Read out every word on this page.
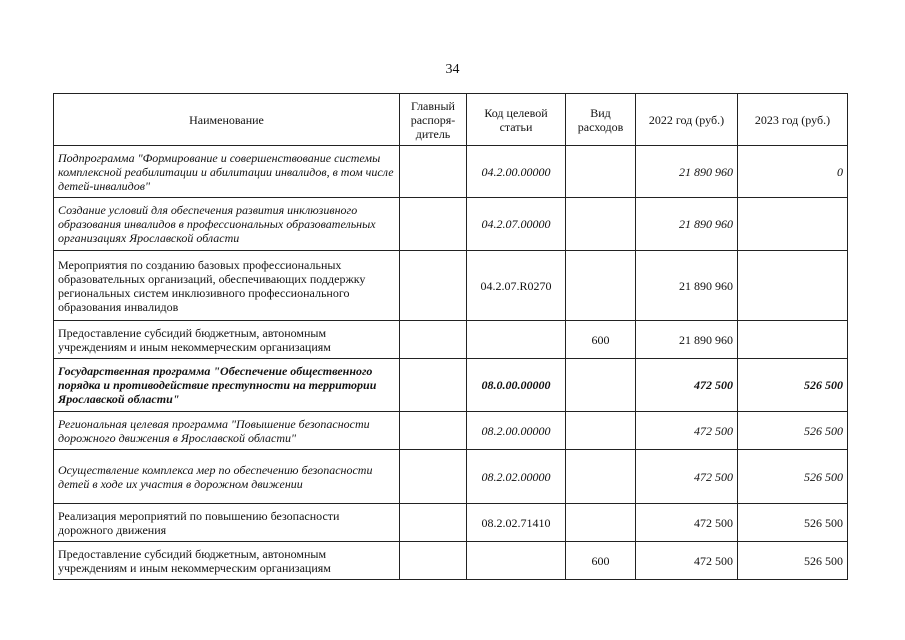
34
Наименование	Главный распоря-дитель	Код целевой статьи	Вид расходов	2022 год (руб.)	2023 год (руб.)
Подпрограмма "Формирование и совершенствование системы комплексной реабилитации и абилитации инвалидов, в том числе детей-инвалидов"		04.2.00.00000		21 890 960	0
Создание условий для обеспечения развития инклюзивного образования инвалидов в профессиональных образовательных организациях Ярославской области		04.2.07.00000		21 890 960	
Мероприятия по созданию базовых профессиональных образовательных организаций, обеспечивающих поддержку региональных систем инклюзивного профессионального образования инвалидов		04.2.07.R0270		21 890 960	
Предоставление субсидий бюджетным, автономным учреждениям и иным некоммерческим организациям			600	21 890 960	
Государственная программа "Обеспечение общественного порядка и противодействие преступности на территории Ярославской области"		08.0.00.00000		472 500	526 500
Региональная целевая программа "Повышение безопасности дорожного движения в Ярославской области"		08.2.00.00000		472 500	526 500
Осуществление комплекса мер по обеспечению безопасности детей в ходе их участия в дорожном движении		08.2.02.00000		472 500	526 500
Реализация мероприятий по повышению безопасности дорожного движения		08.2.02.71410		472 500	526 500
Предоставление субсидий бюджетным, автономным учреждениям и иным некоммерческим организациям			600	472 500	526 500
